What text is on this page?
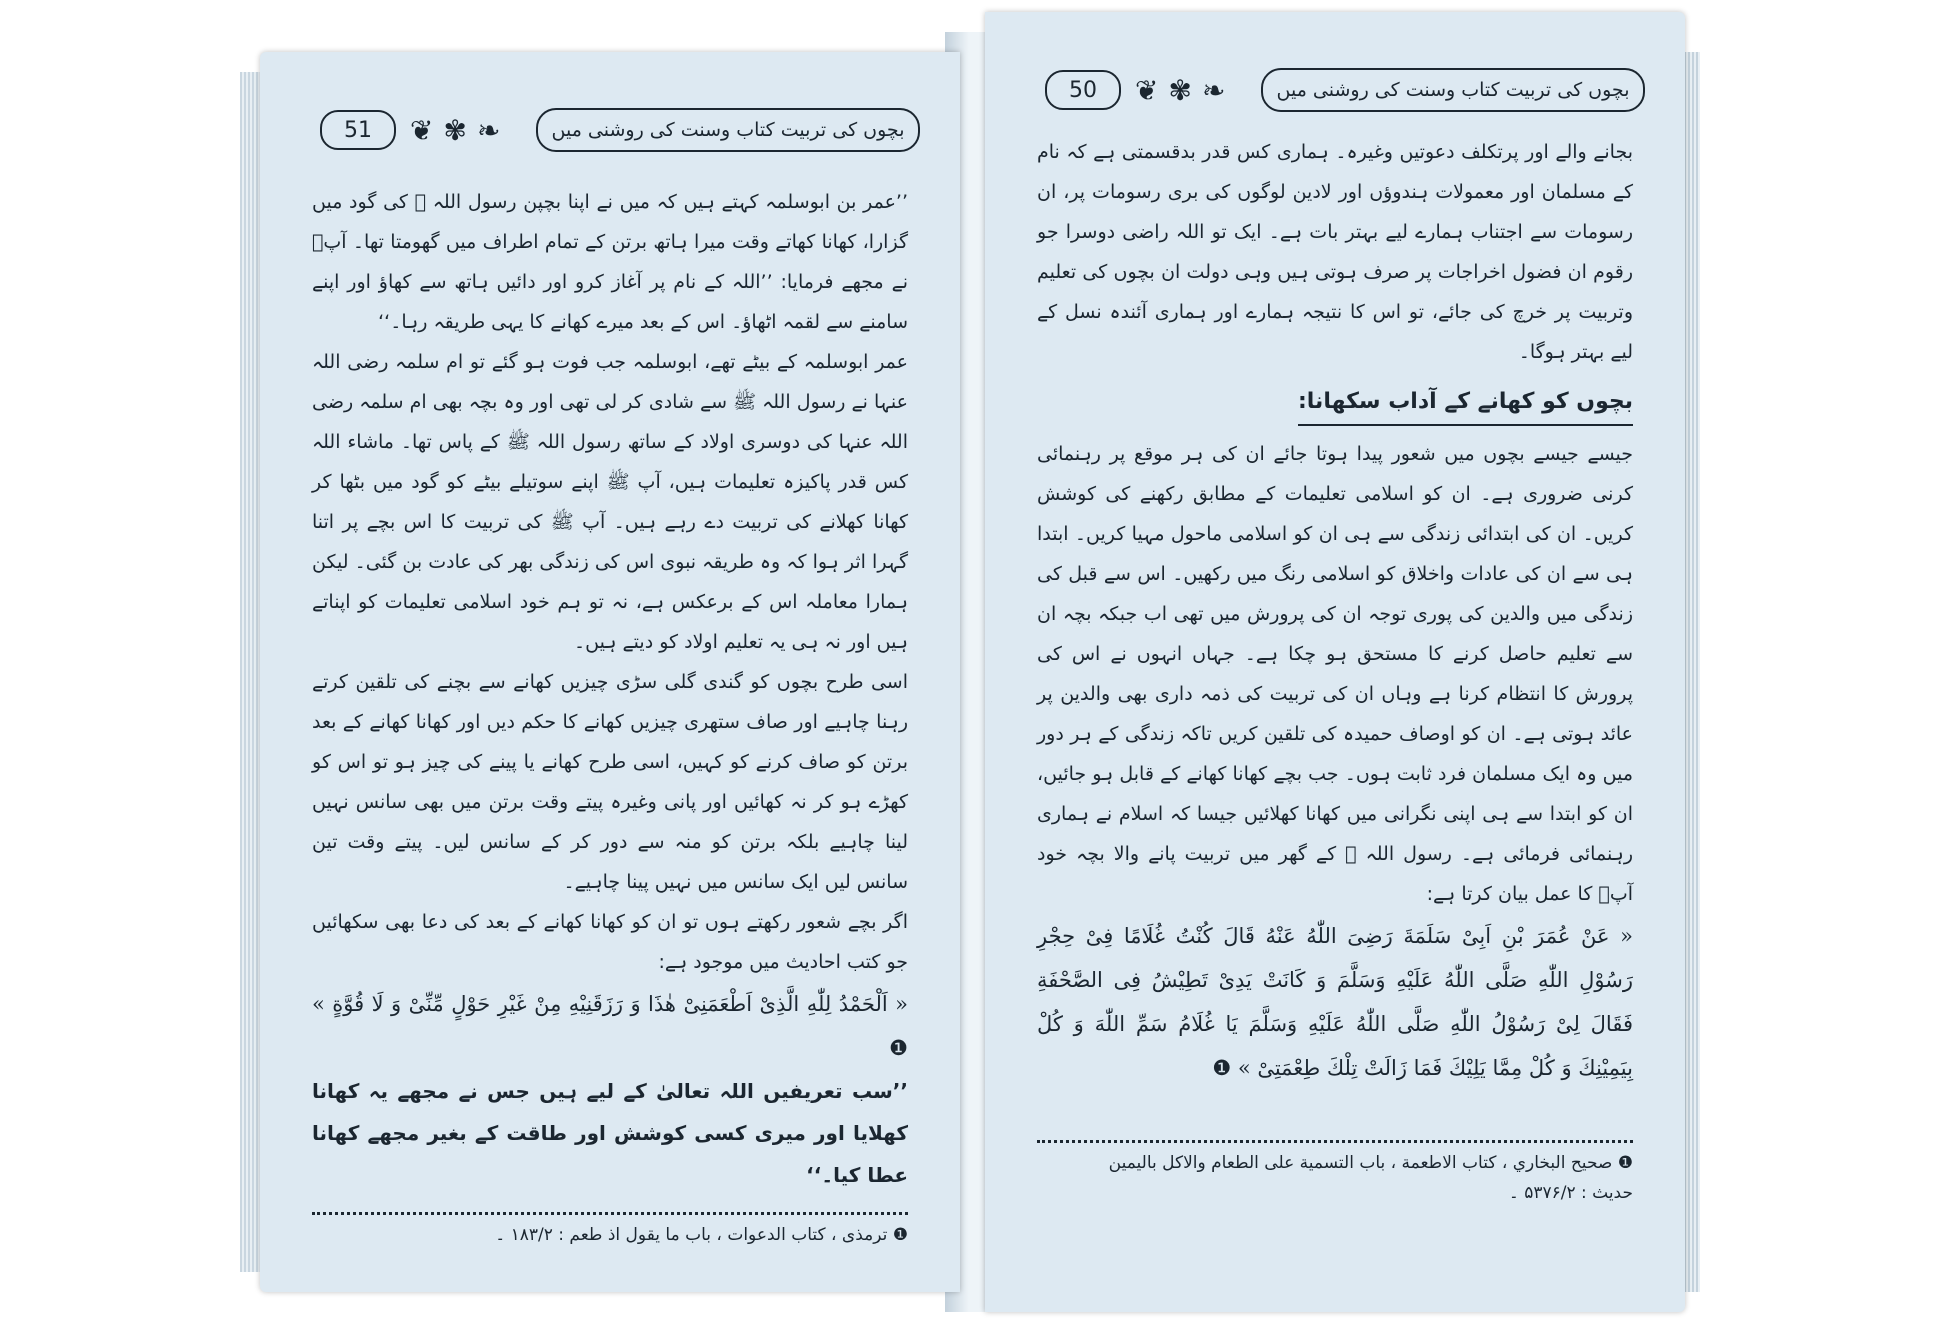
51 ❦ ✾ ❧	بچوں کی تربیت کتاب وسنت کی روشنی میں

’’عمر بن ابوسلمہ کہتے ہیں کہ میں نے اپنا بچپن رسول اللہ ﷺ کی گود میں گزارا، کھانا کھاتے وقت میرا ہاتھ برتن کے تمام اطراف میں گھومتا تھا۔ آپؐ نے مجھے فرمایا: ’’اللہ کے نام پر آغاز کرو اور دائیں ہاتھ سے کھاؤ اور اپنے سامنے سے لقمہ اٹھاؤ۔ اس کے بعد میرے کھانے کا یہی طریقہ رہا۔‘‘

عمر ابوسلمہ کے بیٹے تھے، ابوسلمہ جب فوت ہو گئے تو ام سلمہ رضی اللہ عنہا نے رسول اللہ ﷺ سے شادی کر لی تھی اور وہ بچہ بھی ام سلمہ رضی اللہ عنہا کی دوسری اولاد کے ساتھ رسول اللہ ﷺ کے پاس تھا۔ ماشاء اللہ کس قدر پاکیزہ تعلیمات ہیں، آپ ﷺ اپنے سوتیلے بیٹے کو گود میں بٹھا کر کھانا کھلانے کی تربیت دے رہے ہیں۔ آپ ﷺ کی تربیت کا اس بچے پر اتنا گہرا اثر ہوا کہ وہ طریقہ نبوی اس کی زندگی بھر کی عادت بن گئی۔ لیکن ہمارا معاملہ اس کے برعکس ہے، نہ تو ہم خود اسلامی تعلیمات کو اپناتے ہیں اور نہ ہی یہ تعلیم اولاد کو دیتے ہیں۔

اسی طرح بچوں کو گندی گلی سڑی چیزیں کھانے سے بچنے کی تلقین کرتے رہنا چاہیے اور صاف ستھری چیزیں کھانے کا حکم دیں اور کھانا کھانے کے بعد برتن کو صاف کرنے کو کہیں، اسی طرح کھانے یا پینے کی چیز ہو تو اس کو کھڑے ہو کر نہ کھائیں اور پانی وغیرہ پیتے وقت برتن میں بھی سانس نہیں لینا چاہیے بلکہ برتن کو منہ سے دور کر کے سانس لیں۔ پیتے وقت تین سانس لیں ایک سانس میں نہیں پینا چاہیے۔

اگر بچے شعور رکھتے ہوں تو ان کو کھانا کھانے کے بعد کی دعا بھی سکھائیں جو کتب احادیث میں موجود ہے:

« اَلْحَمْدُ لِلّٰهِ الَّذِیْ اَطْعَمَنِیْ هٰذَا وَ رَزَقَنِیْهِ مِنْ غَیْرِ حَوْلٍ مِّنِّیْ وَ لَا قُوَّةٍ » ❶

’’سب تعریفیں اللہ تعالیٰ کے لیے ہیں جس نے مجھے یہ کھانا کھلایا اور میری کسی کوشش اور طاقت کے بغیر مجھے کھانا عطا کیا۔‘‘

❶ ترمذی ، کتاب الدعوات ، باب ما یقول اذ طعم : ۱۸۳/۲ ۔
50 ❦ ✾ ❧	بچوں کی تربیت کتاب وسنت کی روشنی میں

بجانے والے اور پرتکلف دعوتیں وغیرہ۔ ہماری کس قدر بدقسمتی ہے کہ نام کے مسلمان اور معمولات ہندوؤں اور لادین لوگوں کی بری رسومات پر، ان رسومات سے اجتناب ہمارے لیے بہتر بات ہے۔ ایک تو اللہ راضی دوسرا جو رقوم ان فضول اخراجات پر صرف ہوتی ہیں وہی دولت ان بچوں کی تعلیم وتربیت پر خرچ کی جائے، تو اس کا نتیجہ ہمارے اور ہماری آئندہ نسل کے لیے بہتر ہوگا۔

بچوں کو کھانے کے آداب سکھانا:

جیسے جیسے بچوں میں شعور پیدا ہوتا جائے ان کی ہر موقع پر رہنمائی کرنی ضروری ہے۔ ان کو اسلامی تعلیمات کے مطابق رکھنے کی کوشش کریں۔ ان کی ابتدائی زندگی سے ہی ان کو اسلامی ماحول مہیا کریں۔ ابتدا ہی سے ان کی عادات واخلاق کو اسلامی رنگ میں رکھیں۔ اس سے قبل کی زندگی میں والدین کی پوری توجہ ان کی پرورش میں تھی اب جبکہ بچہ ان سے تعلیم حاصل کرنے کا مستحق ہو چکا ہے۔ جہاں انہوں نے اس کی پرورش کا انتظام کرنا ہے وہاں ان کی تربیت کی ذمہ داری بھی والدین پر عائد ہوتی ہے۔ ان کو اوصاف حمیدہ کی تلقین کریں تاکہ زندگی کے ہر دور میں وہ ایک مسلمان فرد ثابت ہوں۔ جب بچے کھانا کھانے کے قابل ہو جائیں، ان کو ابتدا سے ہی اپنی نگرانی میں کھانا کھلائیں جیسا کہ اسلام نے ہماری رہنمائی فرمائی ہے۔ رسول اللہ ﷺ کے گھر میں تربیت پانے والا بچہ خود آپؐ کا عمل بیان کرتا ہے:

« عَنْ عُمَرَ بْنِ اَبِیْ سَلَمَةَ رَضِیَ اللّٰهُ عَنْهُ قَالَ كُنْتُ غُلَامًا فِیْ حِجْرِ رَسُوْلِ اللّٰهِ صَلَّى اللّٰهُ عَلَیْهِ وَسَلَّمَ وَ كَانَتْ یَدِیْ تَطِیْشُ فِی الصَّحْفَةِ فَقَالَ لِیْ رَسُوْلُ اللّٰهِ صَلَّى اللّٰهُ عَلَیْهِ وَسَلَّمَ یَا غُلَامُ سَمِّ اللّٰهَ وَ كُلْ بِیَمِیْنِكَ وَ كُلْ مِمَّا یَلِیْكَ فَمَا زَالَتْ تِلْكَ طِعْمَتِیْ » ❶

❶ صحيح البخاري ، كتاب الاطعمة ، باب التسمية على الطعام والاكل باليمين
حديث : ۵۳۷۶/۲ ۔
